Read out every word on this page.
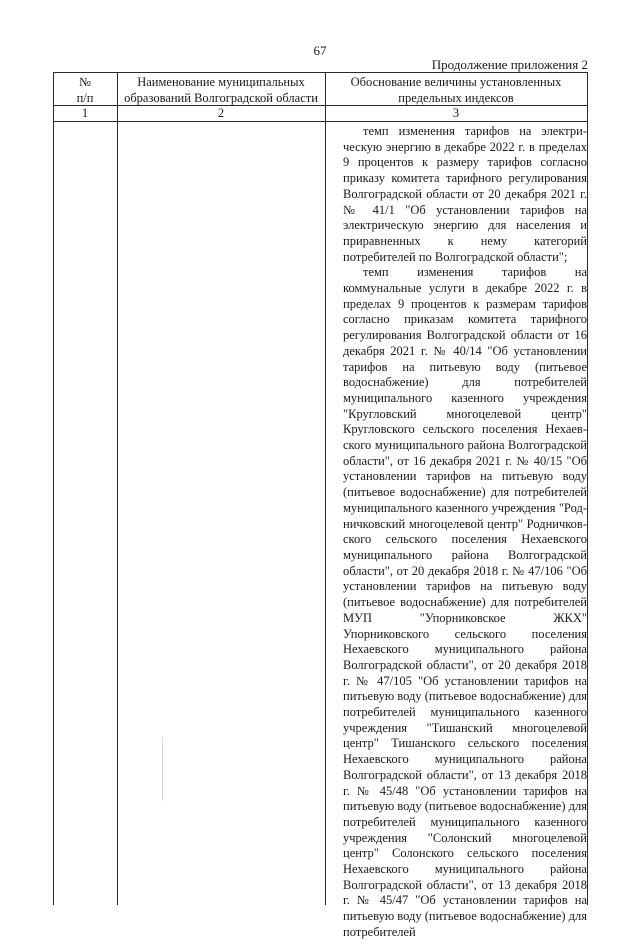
67
Продолжение приложения 2
№
п/п
Наименование муниципальных
образований Волгоградской области
Обоснование величины установленных
предельных индексов
1	2	3

темп изменения тарифов на электрическую энергию в декабре 2022 г. в пределах 9 процентов к размеру тарифов согласно приказу комитета тарифного регулирования Волгоградской области от 20 декабря 2021 г. № 41/1 "Об установлении тарифов на электрическую энергию для населения и приравненных к нему категорий потребителей по Волгоградской области";

темп изменения тарифов на коммунальные услуги в декабре 2022 г. в пределах 9 процентов к размерам тарифов согласно приказам комитета тарифного регулирования Волгоградской области от 16 декабря 2021 г. № 40/14 "Об установлении тарифов на питьевую воду (питьевое водоснабжение) для потребителей муниципального казенного учреждения "Кругловский многоцелевой центр" Кругловского сельского поселения Нехаевского муниципального района Волгоградской области", от 16 декабря 2021 г. № 40/15 "Об установлении тарифов на питьевую воду (питьевое водоснабжение) для потребителей муниципального казенного учреждения "Родничковский многоцелевой центр" Родничковского сельского поселения Нехаевского муниципального района Волгоградской области", от 20 декабря 2018 г. № 47/106 "Об установлении тарифов на питьевую воду (питьевое водоснабжение) для потребителей МУП "Упорниковское ЖКХ" Упорниковского сельского поселения Нехаевского муниципального района Волгоградской области", от 20 декабря 2018 г. № 47/105 "Об установлении тарифов на питьевую воду (питьевое водоснабжение) для потребителей муниципального казенного учреждения "Тишанский многоцелевой центр" Тишанского сельского поселения Нехаевского муниципального района Волгоградской области", от 13 декабря 2018 г. № 45/48 "Об установлении тарифов на питьевую воду (питьевое водоснабжение) для потребителей муниципального казенного учреждения "Солонский многоцелевой центр" Солонского сельского поселения Нехаевского муниципального района Волгоградской области", от 13 декабря 2018 г. № 45/47 "Об установлении тарифов на питьевую воду (питьевое водоснабжение) для потребителей
